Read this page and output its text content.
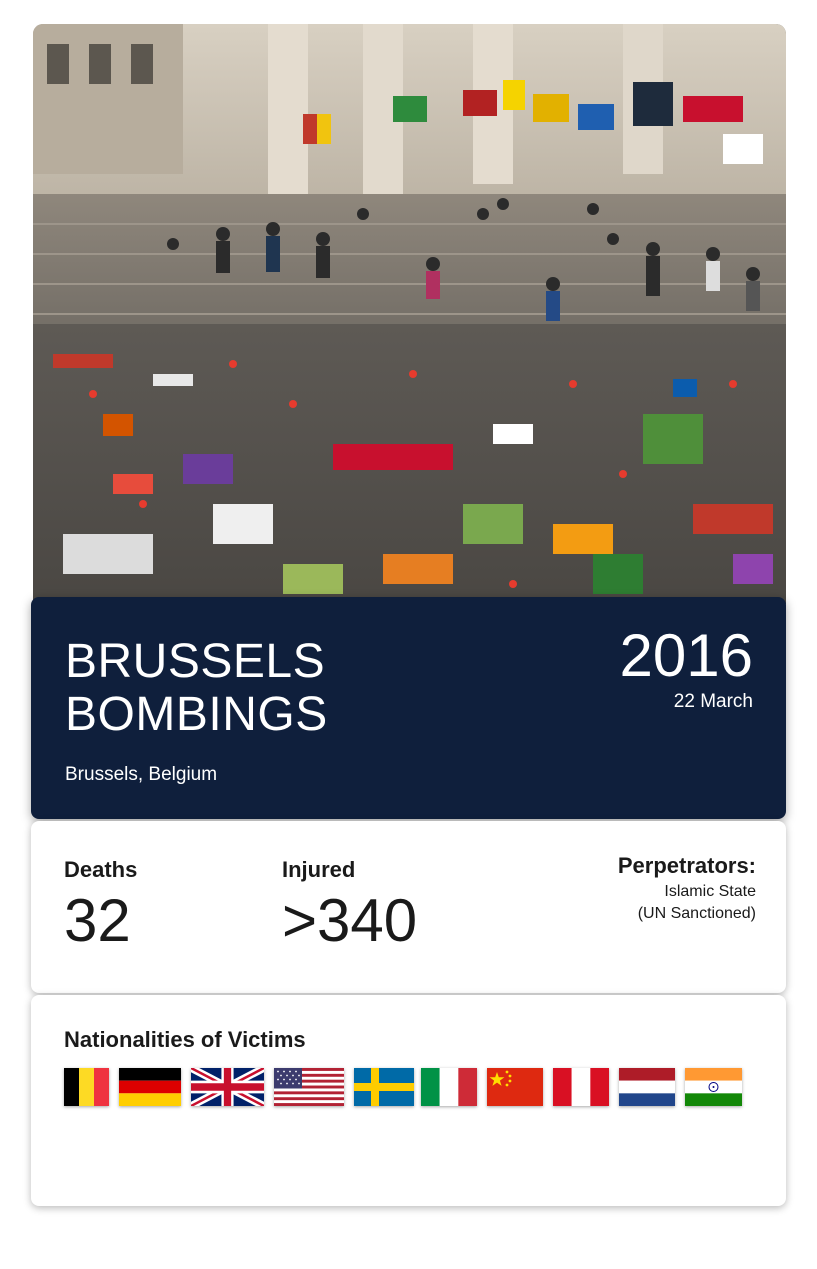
BRUSSELS
BOMBINGS
Brussels, Belgium
2016
22 March
Deaths
32
Injured
>340
Perpetrators:
Islamic State
(UN Sanctioned)
Nationalities of Victims
